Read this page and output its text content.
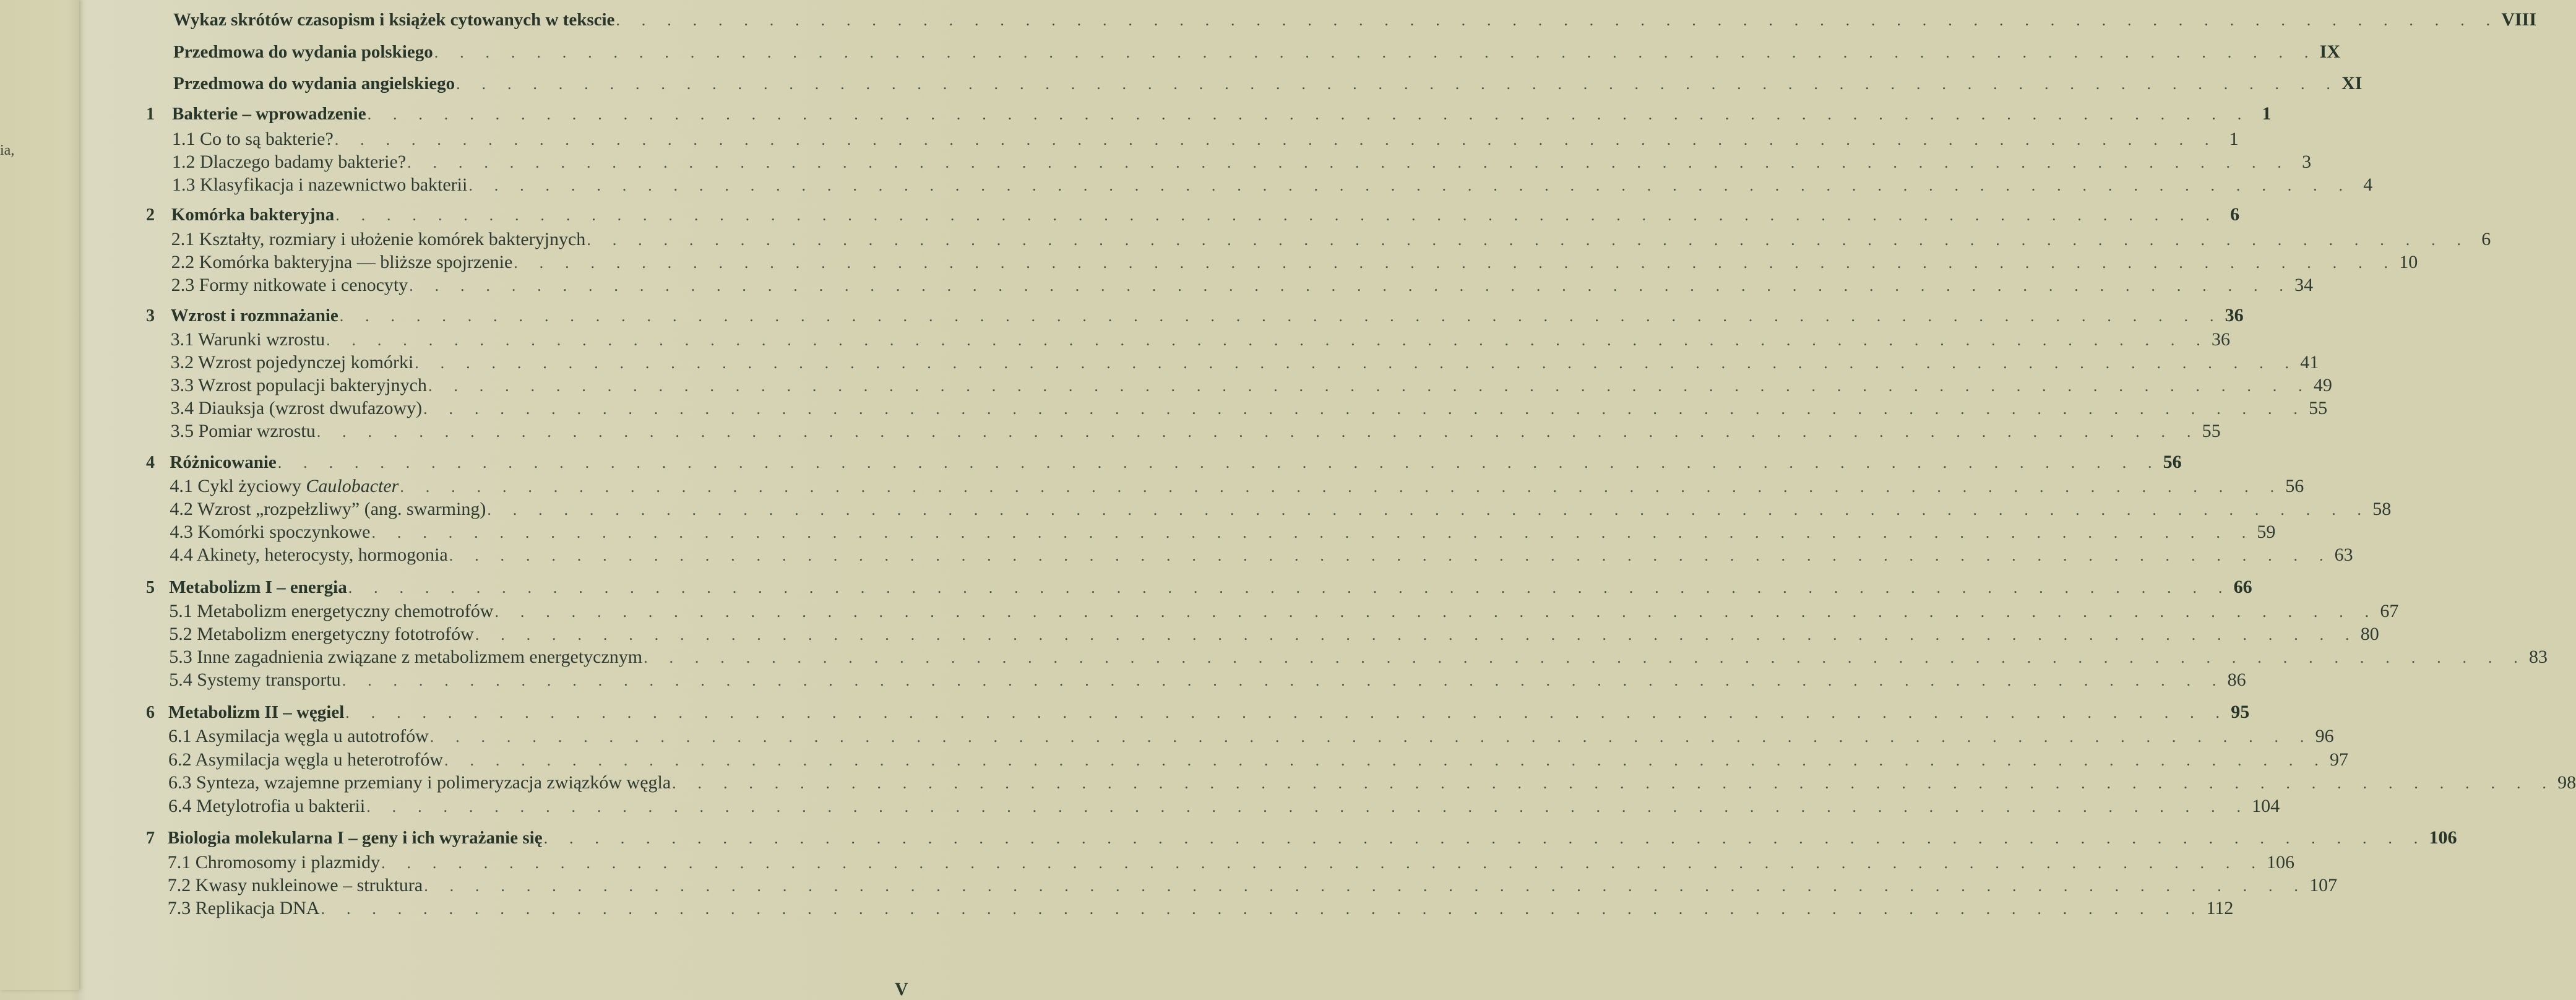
ia,
Wykaz skrótów czasopism i książek cytowanych w tekscie . . . . . . . . . . . . . . . . . . . . . . . . . . . . . . . . . . . . . . . . . . . . . . . . . . . . . . . . . . . . . . . . . . . . . . . . . . VIII
Przedmowa do wydania polskiego . . . . . . . . . . . . . . . . . . . . . . . . . . . . . . . . . . . . . . . . . . . . . . . . . . . . . . . . . . . . . . . . . . . . . . . . . . IX
Przedmowa do wydania angielskiego . . . . . . . . . . . . . . . . . . . . . . . . . . . . . . . . . . . . . . . . . . . . . . . . . . . . . . . . . . . . . . . . . . . . . . . . . . XI
1 Bakterie – wprowadzenie . . . . . . . . . . . . . . . . . . . . . . . . . . . . . . . . . . . . . . . . . . . . . . . . . . . . . . . . . . . . . . . . . . . . . . . . . . 1
1.1 Co to są bakterie? . . . . . . . . . . . . . . . . . . . . . . . . . . . . . . . . . . . . . . . . . . . . . . . . . . . . . . . . . . . . . . . . . . . . . . . . . . 1
1.2 Dlaczego badamy bakterie? . . . . . . . . . . . . . . . . . . . . . . . . . . . . . . . . . . . . . . . . . . . . . . . . . . . . . . . . . . . . . . . . . . . . . . . . . . 3
1.3 Klasyfikacja i nazewnictwo bakterii . . . . . . . . . . . . . . . . . . . . . . . . . . . . . . . . . . . . . . . . . . . . . . . . . . . . . . . . . . . . . . . . . . . . . . . . . . 4
2 Komórka bakteryjna . . . . . . . . . . . . . . . . . . . . . . . . . . . . . . . . . . . . . . . . . . . . . . . . . . . . . . . . . . . . . . . . . . . . . . . . . . 6
2.1 Kształty, rozmiary i ułożenie komórek bakteryjnych . . . . . . . . . . . . . . . . . . . . . . . . . . . . . . . . . . . . . . . . . . . . . . . . . . . . . . . . . . . . . . . . . . . . . . . . . . 6
2.2 Komórka bakteryjna — bliższe spojrzenie . . . . . . . . . . . . . . . . . . . . . . . . . . . . . . . . . . . . . . . . . . . . . . . . . . . . . . . . . . . . . . . . . . . . . . . . . . 10
2.3 Formy nitkowate i cenocyty . . . . . . . . . . . . . . . . . . . . . . . . . . . . . . . . . . . . . . . . . . . . . . . . . . . . . . . . . . . . . . . . . . . . . . . . . . 34
3 Wzrost i rozmnażanie . . . . . . . . . . . . . . . . . . . . . . . . . . . . . . . . . . . . . . . . . . . . . . . . . . . . . . . . . . . . . . . . . . . . . . . . . . 36
3.1 Warunki wzrostu . . . . . . . . . . . . . . . . . . . . . . . . . . . . . . . . . . . . . . . . . . . . . . . . . . . . . . . . . . . . . . . . . . . . . . . . . . 36
3.2 Wzrost pojedynczej komórki . . . . . . . . . . . . . . . . . . . . . . . . . . . . . . . . . . . . . . . . . . . . . . . . . . . . . . . . . . . . . . . . . . . . . . . . . . 41
3.3 Wzrost populacji bakteryjnych . . . . . . . . . . . . . . . . . . . . . . . . . . . . . . . . . . . . . . . . . . . . . . . . . . . . . . . . . . . . . . . . . . . . . . . . . . 49
3.4 Diauksja (wzrost dwufazowy) . . . . . . . . . . . . . . . . . . . . . . . . . . . . . . . . . . . . . . . . . . . . . . . . . . . . . . . . . . . . . . . . . . . . . . . . . . 55
3.5 Pomiar wzrostu . . . . . . . . . . . . . . . . . . . . . . . . . . . . . . . . . . . . . . . . . . . . . . . . . . . . . . . . . . . . . . . . . . . . . . . . . . 55
4 Różnicowanie . . . . . . . . . . . . . . . . . . . . . . . . . . . . . . . . . . . . . . . . . . . . . . . . . . . . . . . . . . . . . . . . . . . . . . . . . . 56
4.1 Cykl życiowy Caulobacter . . . . . . . . . . . . . . . . . . . . . . . . . . . . . . . . . . . . . . . . . . . . . . . . . . . . . . . . . . . . . . . . . . . . . . . . . . 56
4.2 Wzrost „rozpełzliwy” (ang. swarming) . . . . . . . . . . . . . . . . . . . . . . . . . . . . . . . . . . . . . . . . . . . . . . . . . . . . . . . . . . . . . . . . . . . . . . . . . . 58
4.3 Komórki spoczynkowe . . . . . . . . . . . . . . . . . . . . . . . . . . . . . . . . . . . . . . . . . . . . . . . . . . . . . . . . . . . . . . . . . . . . . . . . . . 59
4.4 Akinety, heterocysty, hormogonia . . . . . . . . . . . . . . . . . . . . . . . . . . . . . . . . . . . . . . . . . . . . . . . . . . . . . . . . . . . . . . . . . . . . . . . . . . 63
5 Metabolizm I – energia . . . . . . . . . . . . . . . . . . . . . . . . . . . . . . . . . . . . . . . . . . . . . . . . . . . . . . . . . . . . . . . . . . . . . . . . . . 66
5.1 Metabolizm energetyczny chemotrofów . . . . . . . . . . . . . . . . . . . . . . . . . . . . . . . . . . . . . . . . . . . . . . . . . . . . . . . . . . . . . . . . . . . . . . . . . . 67
5.2 Metabolizm energetyczny fototrofów . . . . . . . . . . . . . . . . . . . . . . . . . . . . . . . . . . . . . . . . . . . . . . . . . . . . . . . . . . . . . . . . . . . . . . . . . . 80
5.3 Inne zagadnienia związane z metabolizmem energetycznym . . . . . . . . . . . . . . . . . . . . . . . . . . . . . . . . . . . . . . . . . . . . . . . . . . . . . . . . . . . . . . . . . . . . . . . . . . 83
5.4 Systemy transportu . . . . . . . . . . . . . . . . . . . . . . . . . . . . . . . . . . . . . . . . . . . . . . . . . . . . . . . . . . . . . . . . . . . . . . . . . . 86
6 Metabolizm II – węgiel . . . . . . . . . . . . . . . . . . . . . . . . . . . . . . . . . . . . . . . . . . . . . . . . . . . . . . . . . . . . . . . . . . . . . . . . . . 95
6.1 Asymilacja węgla u autotrofów . . . . . . . . . . . . . . . . . . . . . . . . . . . . . . . . . . . . . . . . . . . . . . . . . . . . . . . . . . . . . . . . . . . . . . . . . . 96
6.2 Asymilacja węgla u heterotrofów . . . . . . . . . . . . . . . . . . . . . . . . . . . . . . . . . . . . . . . . . . . . . . . . . . . . . . . . . . . . . . . . . . . . . . . . . . 97
6.3 Synteza, wzajemne przemiany i polimeryzacja związków węgla . . . . . . . . . . . . . . . . . . . . . . . . . . . . . . . . . . . . . . . . . . . . . . . . . . . . . . . . . . . . . . . . . . . . . . . . . . 98
6.4 Metylotrofia u bakterii . . . . . . . . . . . . . . . . . . . . . . . . . . . . . . . . . . . . . . . . . . . . . . . . . . . . . . . . . . . . . . . . . . . . . . . . . . 104
7 Biologia molekularna I – geny i ich wyrażanie się . . . . . . . . . . . . . . . . . . . . . . . . . . . . . . . . . . . . . . . . . . . . . . . . . . . . . . . . . . . . . . . . . . . . . . . . . . 106
7.1 Chromosomy i plazmidy . . . . . . . . . . . . . . . . . . . . . . . . . . . . . . . . . . . . . . . . . . . . . . . . . . . . . . . . . . . . . . . . . . . . . . . . . . 106
7.2 Kwasy nukleinowe – struktura . . . . . . . . . . . . . . . . . . . . . . . . . . . . . . . . . . . . . . . . . . . . . . . . . . . . . . . . . . . . . . . . . . . . . . . . . . 107
7.3 Replikacja DNA . . . . . . . . . . . . . . . . . . . . . . . . . . . . . . . . . . . . . . . . . . . . . . . . . . . . . . . . . . . . . . . . . . . . . . . . . . 112
V
